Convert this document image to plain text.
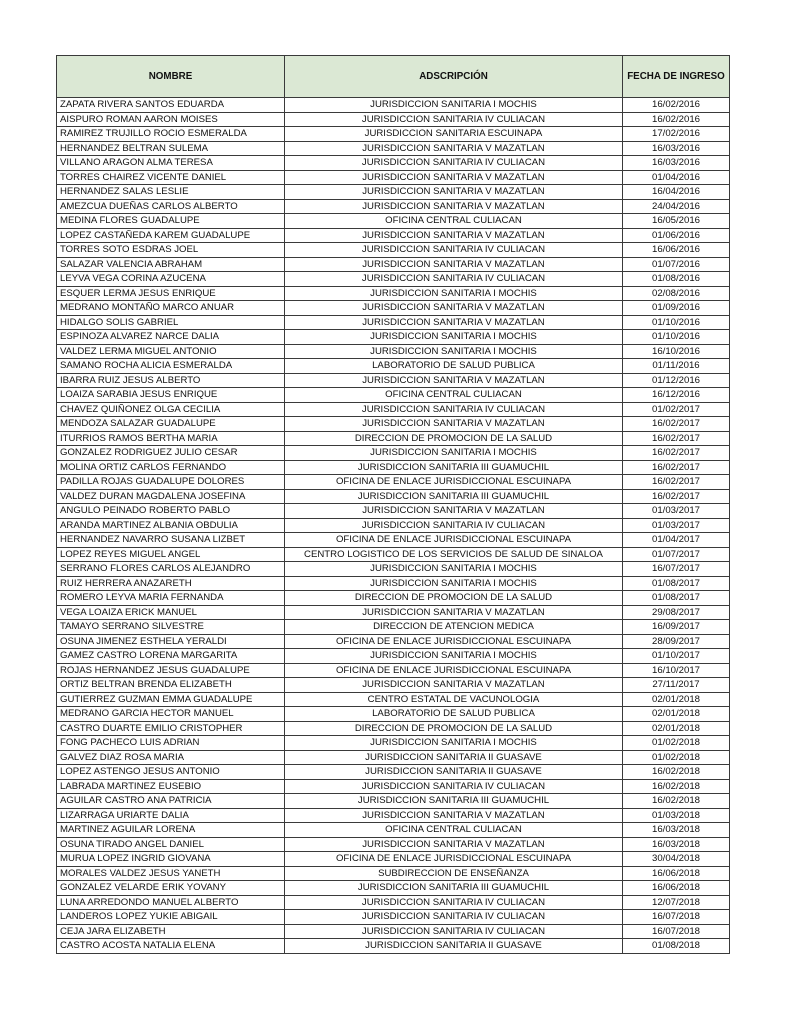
NOMBRE	ADSCRIPCIÓN	FECHA DE INGRESO
ZAPATA RIVERA SANTOS EDUARDA	JURISDICCION SANITARIA I MOCHIS	16/02/2016
AISPURO ROMAN AARON MOISES	JURISDICCION SANITARIA IV CULIACAN	16/02/2016
RAMIREZ TRUJILLO ROCIO ESMERALDA	JURISDICCION SANITARIA ESCUINAPA	17/02/2016
HERNANDEZ BELTRAN SULEMA	JURISDICCION SANITARIA V MAZATLAN	16/03/2016
VILLANO ARAGON ALMA TERESA	JURISDICCION SANITARIA IV CULIACAN	16/03/2016
TORRES CHAIREZ VICENTE DANIEL	JURISDICCION SANITARIA V MAZATLAN	01/04/2016
HERNANDEZ SALAS LESLIE	JURISDICCION SANITARIA V MAZATLAN	16/04/2016
AMEZCUA DUEÑAS CARLOS ALBERTO	JURISDICCION SANITARIA V MAZATLAN	24/04/2016
MEDINA FLORES GUADALUPE	OFICINA CENTRAL CULIACAN	16/05/2016
LOPEZ CASTAÑEDA KAREM GUADALUPE	JURISDICCION SANITARIA V MAZATLAN	01/06/2016
TORRES SOTO ESDRAS JOEL	JURISDICCION SANITARIA IV CULIACAN	16/06/2016
SALAZAR VALENCIA ABRAHAM	JURISDICCION SANITARIA V MAZATLAN	01/07/2016
LEYVA VEGA CORINA AZUCENA	JURISDICCION SANITARIA IV CULIACAN	01/08/2016
ESQUER LERMA JESUS ENRIQUE	JURISDICCION SANITARIA I MOCHIS	02/08/2016
MEDRANO MONTAÑO MARCO ANUAR	JURISDICCION SANITARIA V MAZATLAN	01/09/2016
HIDALGO SOLIS GABRIEL	JURISDICCION SANITARIA V MAZATLAN	01/10/2016
ESPINOZA ALVAREZ NARCE DALIA	JURISDICCION SANITARIA I MOCHIS	01/10/2016
VALDEZ LERMA MIGUEL ANTONIO	JURISDICCION SANITARIA I MOCHIS	16/10/2016
SAMANO ROCHA ALICIA ESMERALDA	LABORATORIO DE SALUD PUBLICA	01/11/2016
IBARRA RUIZ JESUS ALBERTO	JURISDICCION SANITARIA V MAZATLAN	01/12/2016
LOAIZA SARABIA JESUS ENRIQUE	OFICINA CENTRAL CULIACAN	16/12/2016
CHAVEZ QUIÑONEZ OLGA CECILIA	JURISDICCION SANITARIA IV CULIACAN	01/02/2017
MENDOZA SALAZAR GUADALUPE	JURISDICCION SANITARIA V MAZATLAN	16/02/2017
ITURRIOS RAMOS BERTHA MARIA	DIRECCION DE PROMOCION DE LA SALUD	16/02/2017
GONZALEZ RODRIGUEZ JULIO CESAR	JURISDICCION SANITARIA I MOCHIS	16/02/2017
MOLINA ORTIZ CARLOS FERNANDO	JURISDICCION SANITARIA III GUAMUCHIL	16/02/2017
PADILLA ROJAS GUADALUPE DOLORES	OFICINA DE ENLACE JURISDICCIONAL ESCUINAPA	16/02/2017
VALDEZ DURAN MAGDALENA JOSEFINA	JURISDICCION SANITARIA III GUAMUCHIL	16/02/2017
ANGULO PEINADO ROBERTO PABLO	JURISDICCION SANITARIA V MAZATLAN	01/03/2017
ARANDA MARTINEZ ALBANIA OBDULIA	JURISDICCION SANITARIA IV CULIACAN	01/03/2017
HERNANDEZ NAVARRO SUSANA LIZBET	OFICINA DE ENLACE JURISDICCIONAL ESCUINAPA	01/04/2017
LOPEZ REYES MIGUEL ANGEL	CENTRO LOGISTICO DE LOS SERVICIOS DE SALUD DE SINALOA	01/07/2017
SERRANO FLORES CARLOS ALEJANDRO	JURISDICCION SANITARIA I MOCHIS	16/07/2017
RUIZ HERRERA ANAZARETH	JURISDICCION SANITARIA I MOCHIS	01/08/2017
ROMERO LEYVA MARIA FERNANDA	DIRECCION DE PROMOCION DE LA SALUD	01/08/2017
VEGA LOAIZA ERICK MANUEL	JURISDICCION SANITARIA V MAZATLAN	29/08/2017
TAMAYO SERRANO SILVESTRE	DIRECCION DE ATENCION MEDICA	16/09/2017
OSUNA JIMENEZ ESTHELA YERALDI	OFICINA DE ENLACE JURISDICCIONAL ESCUINAPA	28/09/2017
GAMEZ CASTRO LORENA MARGARITA	JURISDICCION SANITARIA I MOCHIS	01/10/2017
ROJAS HERNANDEZ JESUS GUADALUPE	OFICINA DE ENLACE JURISDICCIONAL ESCUINAPA	16/10/2017
ORTIZ BELTRAN BRENDA ELIZABETH	JURISDICCION SANITARIA V MAZATLAN	27/11/2017
GUTIERREZ GUZMAN EMMA GUADALUPE	CENTRO ESTATAL DE VACUNOLOGIA	02/01/2018
MEDRANO GARCIA HECTOR MANUEL	LABORATORIO DE SALUD PUBLICA	02/01/2018
CASTRO DUARTE EMILIO CRISTOPHER	DIRECCION DE PROMOCION DE LA SALUD	02/01/2018
FONG PACHECO LUIS ADRIAN	JURISDICCION SANITARIA I MOCHIS	01/02/2018
GALVEZ DIAZ ROSA MARIA	JURISDICCION SANITARIA II GUASAVE	01/02/2018
LOPEZ ASTENGO JESUS ANTONIO	JURISDICCION SANITARIA II GUASAVE	16/02/2018
LABRADA MARTINEZ EUSEBIO	JURISDICCION SANITARIA IV CULIACAN	16/02/2018
AGUILAR CASTRO ANA PATRICIA	JURISDICCION SANITARIA III GUAMUCHIL	16/02/2018
LIZARRAGA URIARTE DALIA	JURISDICCION SANITARIA V MAZATLAN	01/03/2018
MARTINEZ AGUILAR LORENA	OFICINA CENTRAL CULIACAN	16/03/2018
OSUNA TIRADO ANGEL DANIEL	JURISDICCION SANITARIA V MAZATLAN	16/03/2018
MURUA LOPEZ INGRID GIOVANA	OFICINA DE ENLACE JURISDICCIONAL ESCUINAPA	30/04/2018
MORALES VALDEZ JESUS YANETH	SUBDIRECCION DE ENSEÑANZA	16/06/2018
GONZALEZ VELARDE ERIK YOVANY	JURISDICCION SANITARIA III GUAMUCHIL	16/06/2018
LUNA ARREDONDO MANUEL ALBERTO	JURISDICCION SANITARIA IV CULIACAN	12/07/2018
LANDEROS LOPEZ YUKIE ABIGAIL	JURISDICCION SANITARIA IV CULIACAN	16/07/2018
CEJA JARA ELIZABETH	JURISDICCION SANITARIA IV CULIACAN	16/07/2018
CASTRO ACOSTA NATALIA ELENA	JURISDICCION SANITARIA II GUASAVE	01/08/2018
